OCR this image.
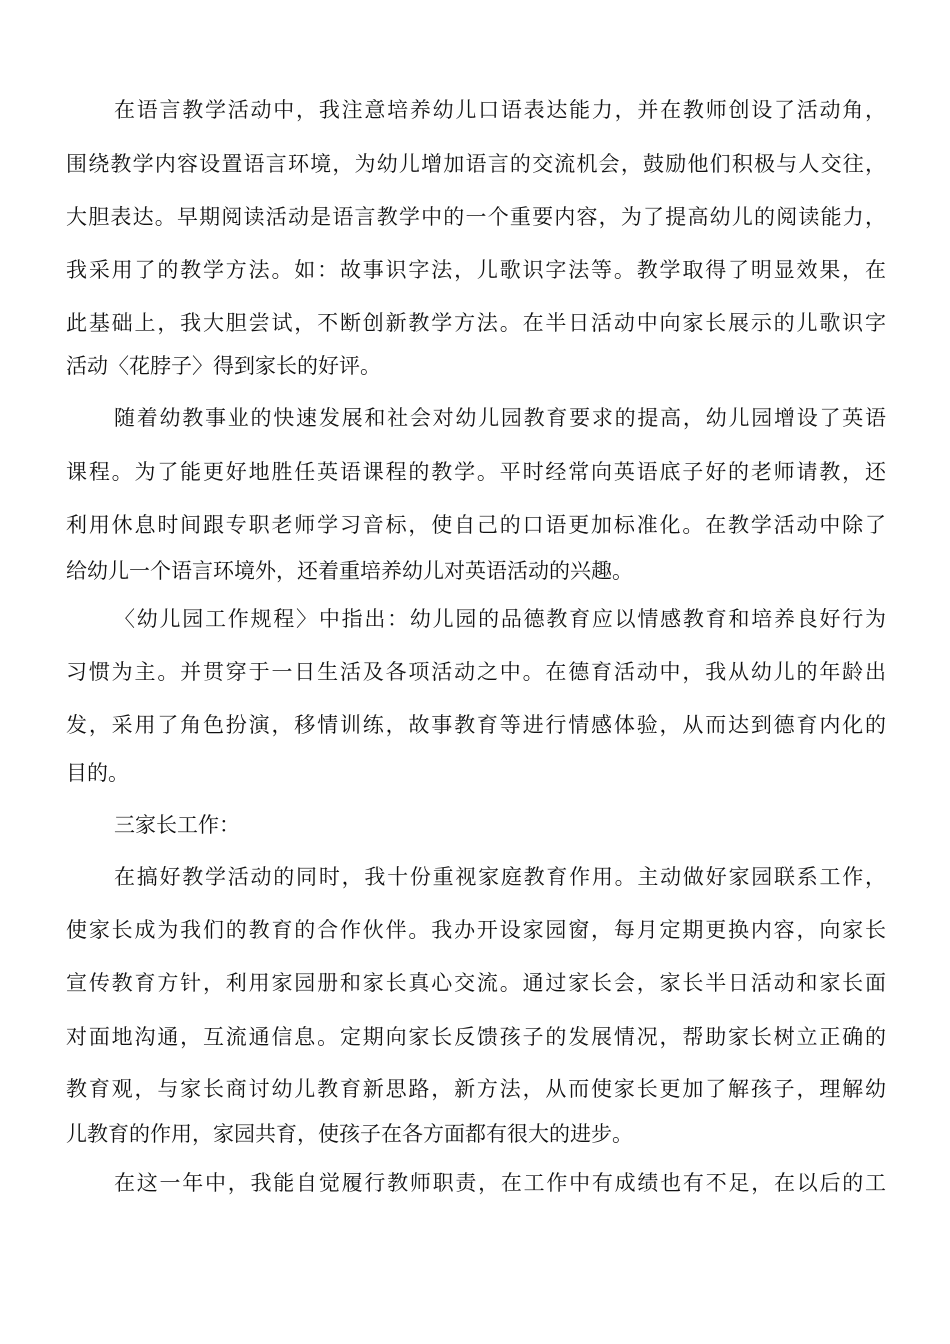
在语言教学活动中，我注意培养幼儿口语表达能力，并在教师创设了活动角，

围绕教学内容设置语言环境，为幼儿增加语言的交流机会，鼓励他们积极与人交往，

大胆表达。早期阅读活动是语言教学中的一个重要内容，为了提高幼儿的阅读能力，

我采用了的教学方法。如：故事识字法，儿歌识字法等。教学取得了明显效果，在

此基础上，我大胆尝试，不断创新教学方法。在半日活动中向家长展示的儿歌识字

活动〈花脖子〉得到家长的好评。

随着幼教事业的快速发展和社会对幼儿园教育要求的提高，幼儿园增设了英语

课程。为了能更好地胜任英语课程的教学。平时经常向英语底子好的老师请教，还

利用休息时间跟专职老师学习音标，使自己的口语更加标准化。在教学活动中除了

给幼儿一个语言环境外，还着重培养幼儿对英语活动的兴趣。

〈幼儿园工作规程〉中指出：幼儿园的品德教育应以情感教育和培养良好行为

习惯为主。并贯穿于一日生活及各项活动之中。在德育活动中，我从幼儿的年龄出

发，采用了角色扮演，移情训练，故事教育等进行情感体验，从而达到德育内化的

目的。

三家长工作：

在搞好教学活动的同时，我十份重视家庭教育作用。主动做好家园联系工作，

使家长成为我们的教育的合作伙伴。我办开设家园窗，每月定期更换内容，向家长

宣传教育方针，利用家园册和家长真心交流。通过家长会，家长半日活动和家长面

对面地沟通，互流通信息。定期向家长反馈孩子的发展情况，帮助家长树立正确的

教育观，与家长商讨幼儿教育新思路，新方法，从而使家长更加了解孩子，理解幼

儿教育的作用，家园共育，使孩子在各方面都有很大的进步。

在这一年中，我能自觉履行教师职责，在工作中有成绩也有不足，在以后的工
